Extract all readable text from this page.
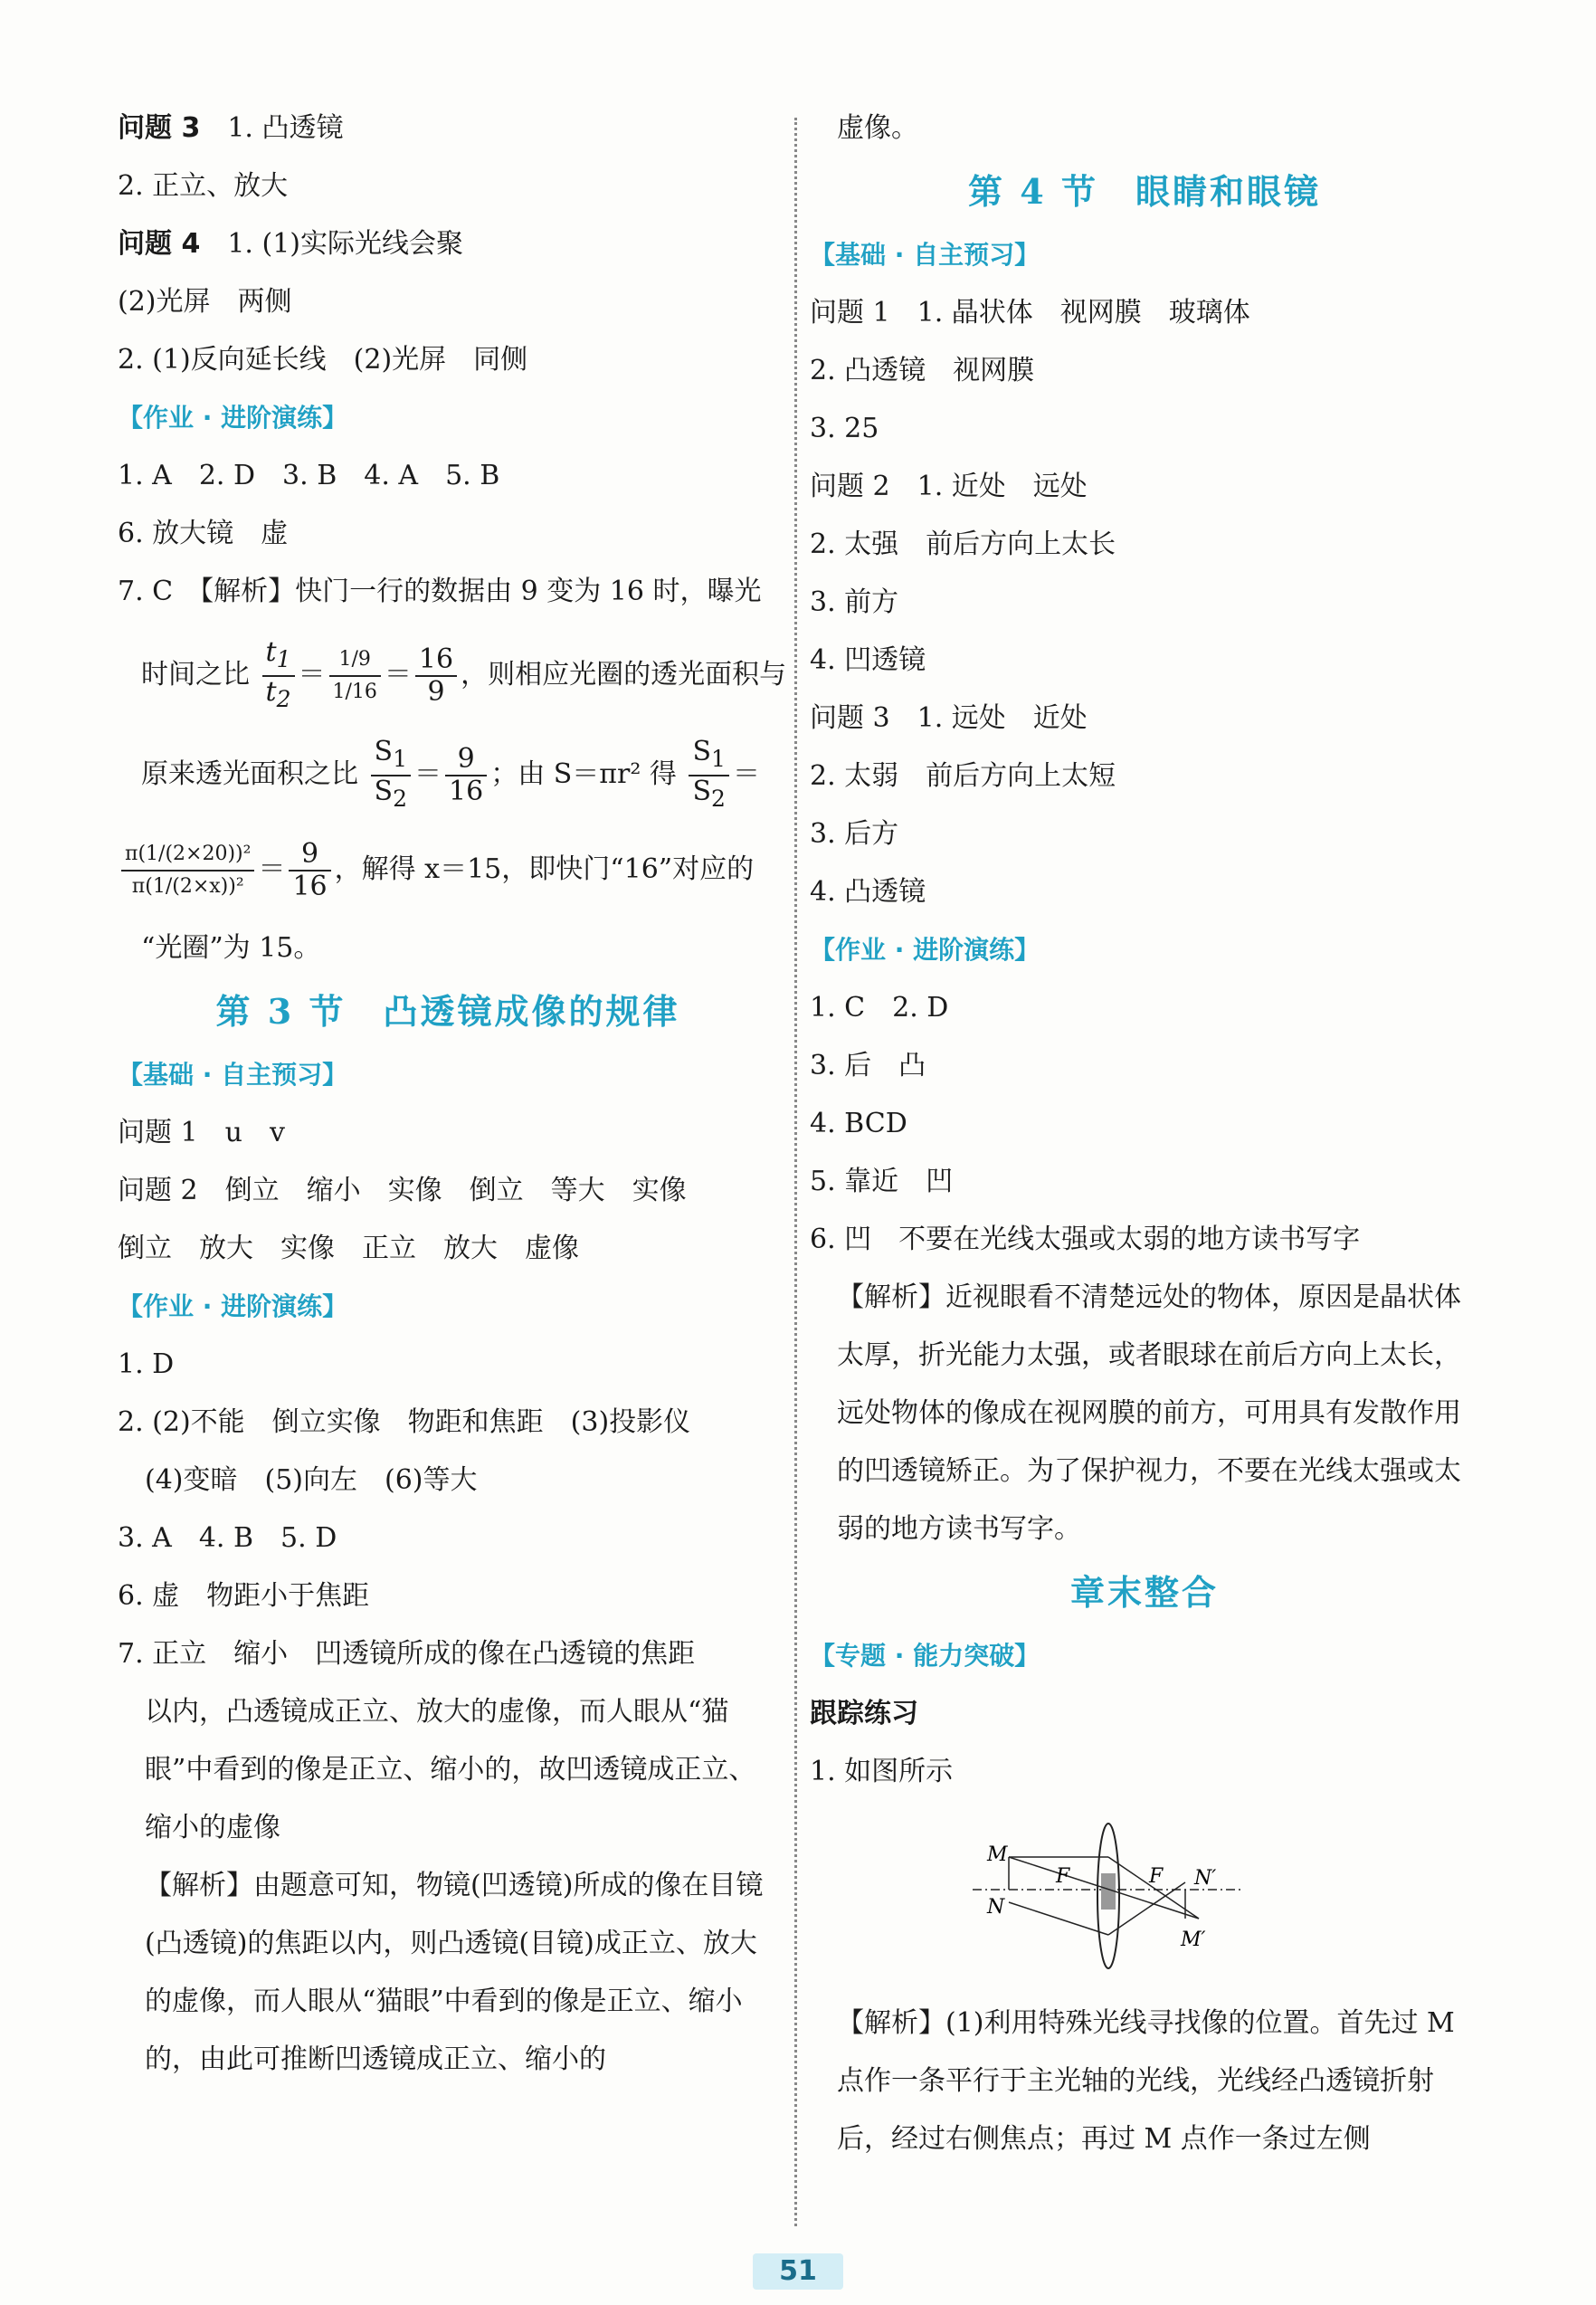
问题 3　 1. 凸透镜
2. 正立、放大
问题 4　 1. (1)实际光线会聚
(2)光屏　两侧
2. (1)反向延长线　(2)光屏　同侧
【作业 · 进阶演练】
1. A　2. D　3. B　4. A　5. B
6. 放大镜　虚
7. C　【解析】快门一行的数据由 9 变为 16 时，曝光
时间之比 $\frac{t_1}{t_2} = \frac{1/9}{1/16} = \frac{16}{9}$ ，则相应光圈的透光面积与
原来透光面积之比 $\frac{S_1}{S_2} = \frac{9}{16}$ ；由 S＝πr² 得 $\frac{S_1}{S_2}$ ＝
$\frac{\text{π(1/(2×20))²}}{\text{π(1/(2×x))²}} = \frac{9}{16}$ ，解得 x＝15，即快门“16”对应的
“光圈”为 15。
第 3 节　凸透镜成像的规律
【基础 · 自主预习】
问题 1　u　v
问题 2　倒立　缩小　实像　倒立　等大　实像
倒立　放大　实像　正立　放大　虚像
【作业 · 进阶演练】
1. D
2. (2)不能　倒立实像　物距和焦距　(3)投影仪
(4)变暗　(5)向左　(6)等大
3. A　4. B　5. D
6. 虚　物距小于焦距
7. 正立　缩小　凹透镜所成的像在凸透镜的焦距
以内，凸透镜成正立、放大的虚像，而人眼从“猫眼”中看到的像是正立、缩小的，故凹透镜成正立、缩小的虚像
【解析】由题意可知，物镜(凹透镜)所成的像在目镜(凸透镜)的焦距以内，则凸透镜(目镜)成正立、放大的虚像，而人眼从“猫眼”中看到的像是正立、缩小的，由此可推断凹透镜成正立、缩小的
虚像。
第 4 节　眼睛和眼镜
【基础 · 自主预习】
问题 1　1. 晶状体　视网膜　玻璃体
2. 凸透镜　视网膜
3. 25
问题 2　1. 近处　远处
2. 太强　前后方向上太长
3. 前方
4. 凹透镜
问题 3　1. 远处　近处
2. 太弱　前后方向上太短
3. 后方
4. 凸透镜
【作业 · 进阶演练】
1. C　2. D
3. 后　凸
4. BCD
5. 靠近　凹
6. 凹　不要在光线太强或太弱的地方读书写字
【解析】近视眼看不清楚远处的物体，原因是晶状体太厚，折光能力太强，或者眼球在前后方向上太长，远处物体的像成在视网膜的前方，可用具有发散作用的凹透镜矫正。为了保护视力，不要在光线太强或太弱的地方读书写字。
章末整合
【专题 · 能力突破】
跟踪练习
1. 如图所示
M
N
F	F N′
M′
【解析】(1)利用特殊光线寻找像的位置。首先过 M 点作一条平行于主光轴的光线，光线经凸透镜折射后，经过右侧焦点；再过 M 点作一条过左侧
51
